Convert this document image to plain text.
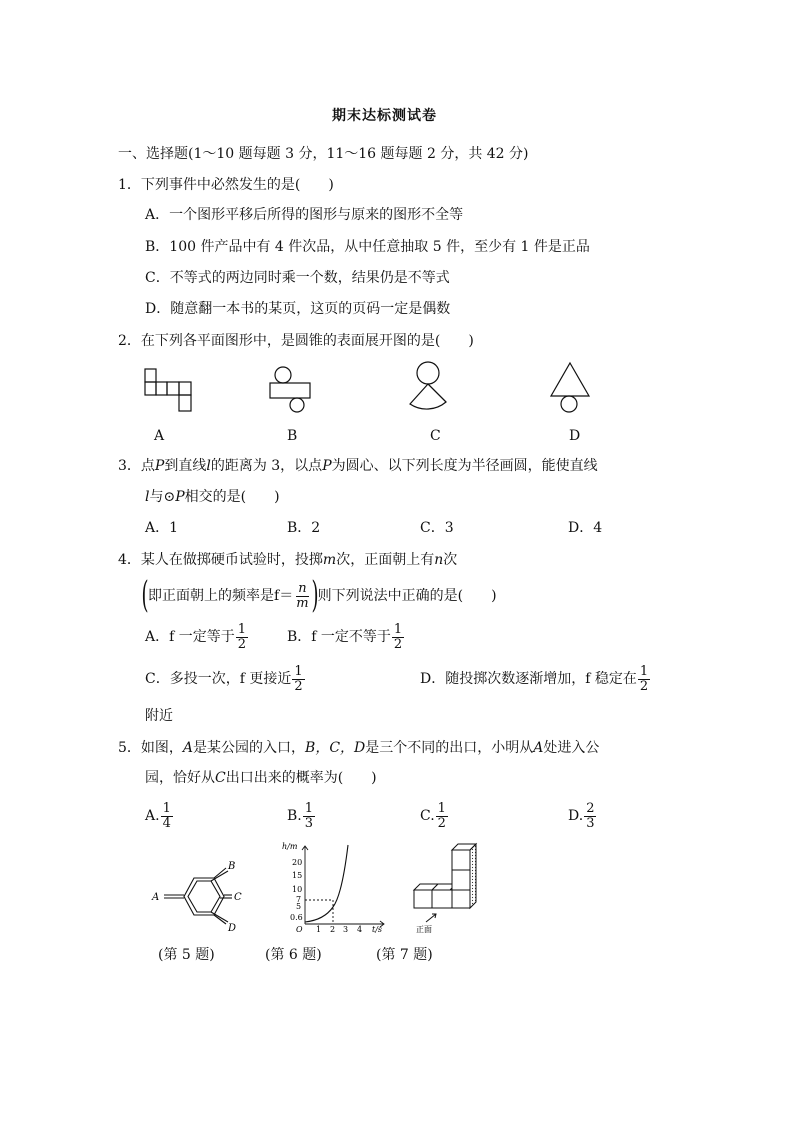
期末达标测试卷
一、选择题(1～10 题每题 3 分，11～16 题每题 2 分，共 42 分)
1．下列事件中必然发生的是(　　)
A．一个图形平移后所得的图形与原来的图形不全等
B．100 件产品中有 4 件次品，从中任意抽取 5 件，至少有 1 件是正品
C．不等式的两边同时乘一个数，结果仍是不等式
D．随意翻一本书的某页，这页的页码一定是偶数
2．在下列各平面图形中，是圆锥的表面展开图的是(　　)
A	B	C	D
3．点P到直线l的距离为 3，以点P为圆心、以下列长度为半径画圆，能使直线
l与⊙P相交的是(　　)
A．1	B．2	C．3	D．4
4．某人在做掷硬币试验时，投掷m次，正面朝上有n次
(即正面朝上的频率是$f= \frac{n}{m}$ )则下列说法中正确的是(　　)
A．f 一定等于 $\frac{1}{2}$	B．f 一定不等于 $\frac{1}{2}$
C．多投一次，f 更接近 $\frac{1}{2}$	D．随投掷次数逐渐增加，f 稳定在 $\frac{1}{2}$
附近
5．如图，A是某公园的入口，B，C，D是三个不同的出口，小明从A处进入公
园，恰好从C出口出来的概率为(　　)
A. $\frac{1}{4}$	B. $\frac{1}{3}$	C. $\frac{1}{2}$	D. $\frac{2}{3}$
A
B
C
D
h/m
20
15
10
7
5
0.6
O 1 2 3 4 t/s	正面
(第 5 题)	(第 6 题)	(第 7 题)
